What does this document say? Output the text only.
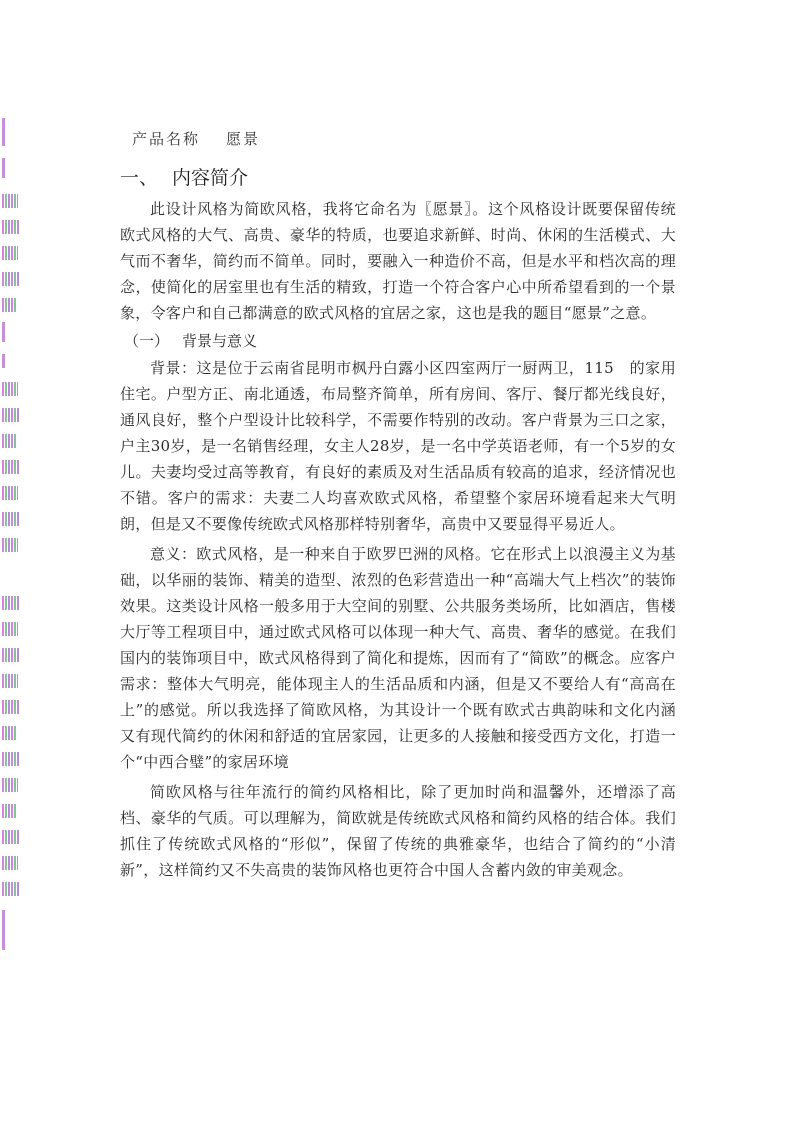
产品名称 愿景
一、 内容简介

此设计风格为简欧风格，我将它命名为〖愿景〗。这个风格设计既要保留传统欧式风格的大气、高贵、豪华的特质，也要追求新鲜、时尚、休闲的生活模式、大气而不奢华，简约而不简单。同时，要融入一种造价不高，但是水平和档次高的理念，使简化的居室里也有生活的精致，打造一个符合客户心中所希望看到的一个景象，令客户和自己都满意的欧式风格的宜居之家，这也是我的题目“愿景”之意。

（一） 背景与意义

背景：这是位于云南省昆明市枫丹白露小区四室两厅一厨两卫，115　的家用住宅。户型方正、南北通透，布局整齐简单，所有房间、客厅、餐厅都光线良好，通风良好，整个户型设计比较科学，不需要作特别的改动。客户背景为三口之家，户主30岁，是一名销售经理，女主人28岁，是一名中学英语老师，有一个5岁的女儿。夫妻均受过高等教育，有良好的素质及对生活品质有较高的追求，经济情况也不错。客户的需求：夫妻二人均喜欢欧式风格，希望整个家居环境看起来大气明朗，但是又不要像传统欧式风格那样特别奢华，高贵中又要显得平易近人。

意义：欧式风格，是一种来自于欧罗巴洲的风格。它在形式上以浪漫主义为基础，以华丽的装饰、精美的造型、浓烈的色彩营造出一种“高端大气上档次”的装饰效果。这类设计风格一般多用于大空间的别墅、公共服务类场所，比如酒店，售楼大厅等工程项目中，通过欧式风格可以体现一种大气、高贵、奢华的感觉。在我们国内的装饰项目中，欧式风格得到了简化和提炼，因而有了“简欧”的概念。应客户需求：整体大气明亮，能体现主人的生活品质和内涵，但是又不要给人有“高高在上”的感觉。所以我选择了简欧风格，为其设计一个既有欧式古典韵味和文化内涵又有现代简约的休闲和舒适的宜居家园，让更多的人接触和接受西方文化，打造一个“中西合璧”的家居环境

简欧风格与往年流行的简约风格相比，除了更加时尚和温馨外，还增添了高档、豪华的气质。可以理解为，简欧就是传统欧式风格和简约风格的结合体。我们抓住了传统欧式风格的“形似”，保留了传统的典雅豪华，也结合了简约的“小清新”，这样简约又不失高贵的装饰风格也更符合中国人含蓄内敛的审美观念。
